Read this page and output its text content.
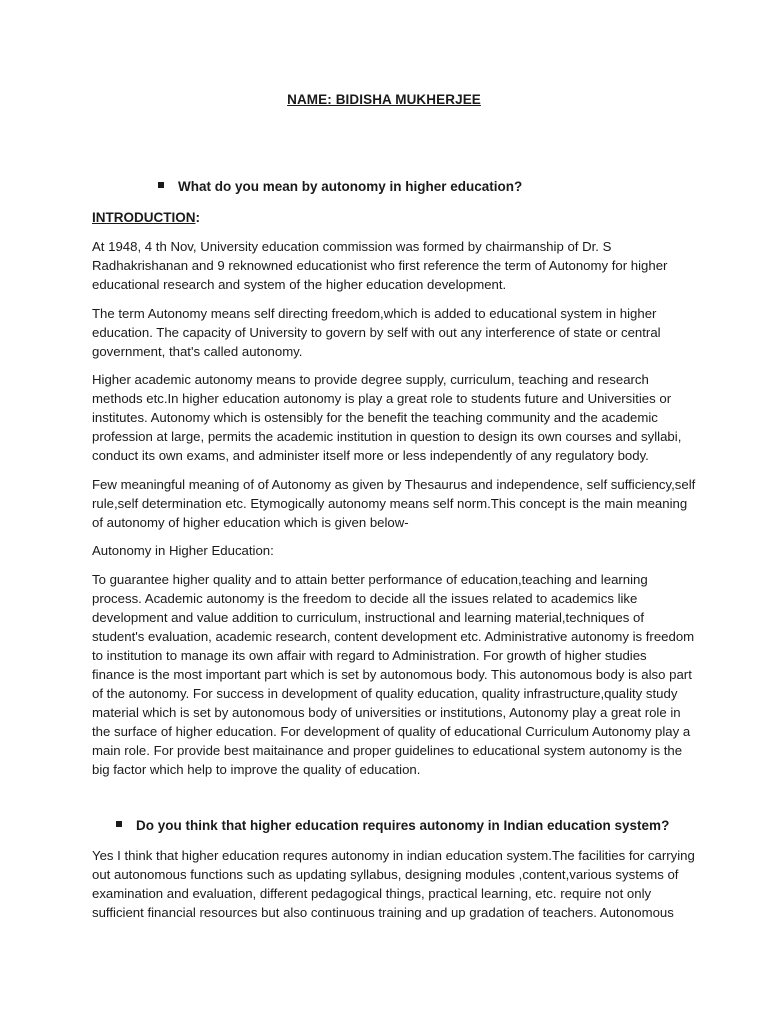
NAME: BIDISHA MUKHERJEE
What do you mean by autonomy in higher education?
INTRODUCTION:

At 1948, 4 th Nov, University education commission was formed by chairmanship of Dr. S
Radhakrishanan and 9 reknowned educationist who first reference the term of Autonomy for higher
educational research and system of the higher education development.

The term Autonomy means self directing freedom,which is added to educational system in higher
education. The capacity of University to govern by self with out any interference of state or central
government, that's called autonomy.

Higher academic autonomy means to provide degree supply, curriculum, teaching and research
methods etc.In higher education autonomy is play a great role to students future and Universities or
institutes. Autonomy which is ostensibly for the benefit the teaching community and the academic
profession at large, permits the academic institution in question to design its own courses and syllabi,
conduct its own exams, and administer itself more or less independently of any regulatory body.

Few meaningful meaning of of Autonomy as given by Thesaurus and independence, self sufficiency,self
rule,self determination etc. Etymogically autonomy means self norm.This concept is the main meaning
of autonomy of higher education which is given below-

Autonomy in Higher Education:

To guarantee higher quality and to attain better performance of education,teaching and learning
process. Academic autonomy is the freedom to decide all the issues related to academics like
development and value addition to curriculum, instructional and learning material,techniques of
student's evaluation, academic research, content development etc. Administrative autonomy is freedom
to institution to manage its own affair with regard to Administration. For growth of higher studies
finance is the most important part which is set by autonomous body. This autonomous body is also part
of the autonomy. For success in development of quality education, quality infrastructure,quality study
material which is set by autonomous body of universities or institutions, Autonomy play a great role in
the surface of higher education. For development of quality of educational Curriculum Autonomy play a
main role. For provide best maitainance and proper guidelines to educational system autonomy is the
big factor which help to improve the quality of education.

Do you think that higher education requires autonomy in Indian education system?

Yes I think that higher education requres autonomy in indian education system.The facilities for carrying
out autonomous functions such as updating syllabus, designing modules ,content,various systems of
examination and evaluation, different pedagogical things, practical learning, etc. require not only
sufficient financial resources but also continuous training and up gradation of teachers. Autonomous
